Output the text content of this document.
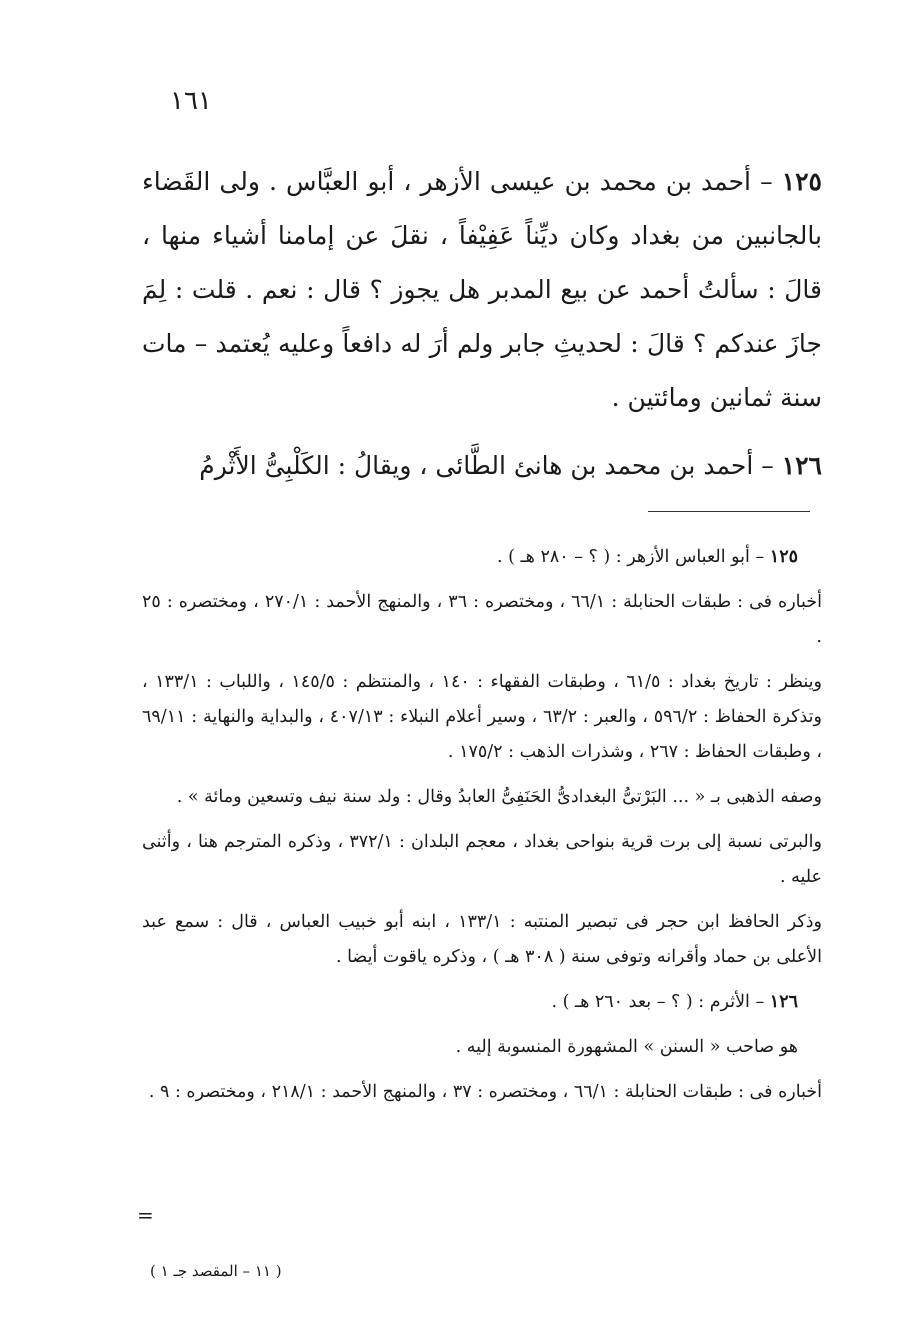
١٦١

١٢٥ – أحمد بن محمد بن عيسى الأزهر ، أبو العبَّاس . ولى القَضاء بالجانبين من بغداد وكان ديِّناً عَفِيْفاً ، نقلَ عن إمامنا أشياء منها ، قالَ : سألتُ أحمد عن بيع المدبر هل يجوز ؟ قال : نعم . قلت : لِمَ جازَ عندكم ؟ قالَ : لحديثِ جابر ولم أرَ له دافعاً وعليه يُعتمد – مات سنة ثمانين ومائتين .

١٢٦ – أحمد بن محمد بن هانئ الطَّائى ، ويقالُ : الكَلْبِىُّ الأَثْرمُ

١٢٥ – أبو العباس الأزهر : ( ؟ – ٢٨٠ هـ ) .

أخباره فى : طبقات الحنابلة : ٦٦/١ ، ومختصره : ٣٦ ، والمنهج الأحمد : ٢٧٠/١ ، ومختصره : ٢٥ .

وينظر : تاريخ بغداد : ٦١/٥ ، وطبقات الفقهاء : ١٤٠ ، والمنتظم : ١٤٥/٥ ، واللباب : ١٣٣/١ ، وتذكرة الحفاظ : ٥٩٦/٢ ، والعبر : ٦٣/٢ ، وسير أعلام النبلاء : ٤٠٧/١٣ ، والبداية والنهاية : ٦٩/١١ ، وطبقات الحفاظ : ٢٦٧ ، وشذرات الذهب : ١٧٥/٢ .

وصفه الذهبى بـ « ... البَرْتىُّ البغدادىُّ الحَنَفِىُّ العابدُ وقال : ولد سنة نيف وتسعين ومائة » .

والبرتى نسبة إلى برت قرية بنواحى بغداد ، معجم البلدان : ٣٧٢/١ ، وذكره المترجم هنا ، وأثنى عليه .

وذكر الحافظ ابن حجر فى تبصير المنتبه : ١٣٣/١ ، ابنه أبو خبيب العباس ، قال : سمع عبد الأعلى بن حماد وأقرانه وتوفى سنة ( ٣٠٨ هـ ) ، وذكره ياقوت أيضا .

١٢٦ – الأثرم : ( ؟ – بعد ٢٦٠ هـ ) .

هو صاحب « السنن » المشهورة المنسوبة إليه .

أخباره فى : طبقات الحنابلة : ٦٦/١ ، ومختصره : ٣٧ ، والمنهج الأحمد : ٢١٨/١ ، ومختصره : ٩ .

=
( ١١ – المقصد جـ ١ )
